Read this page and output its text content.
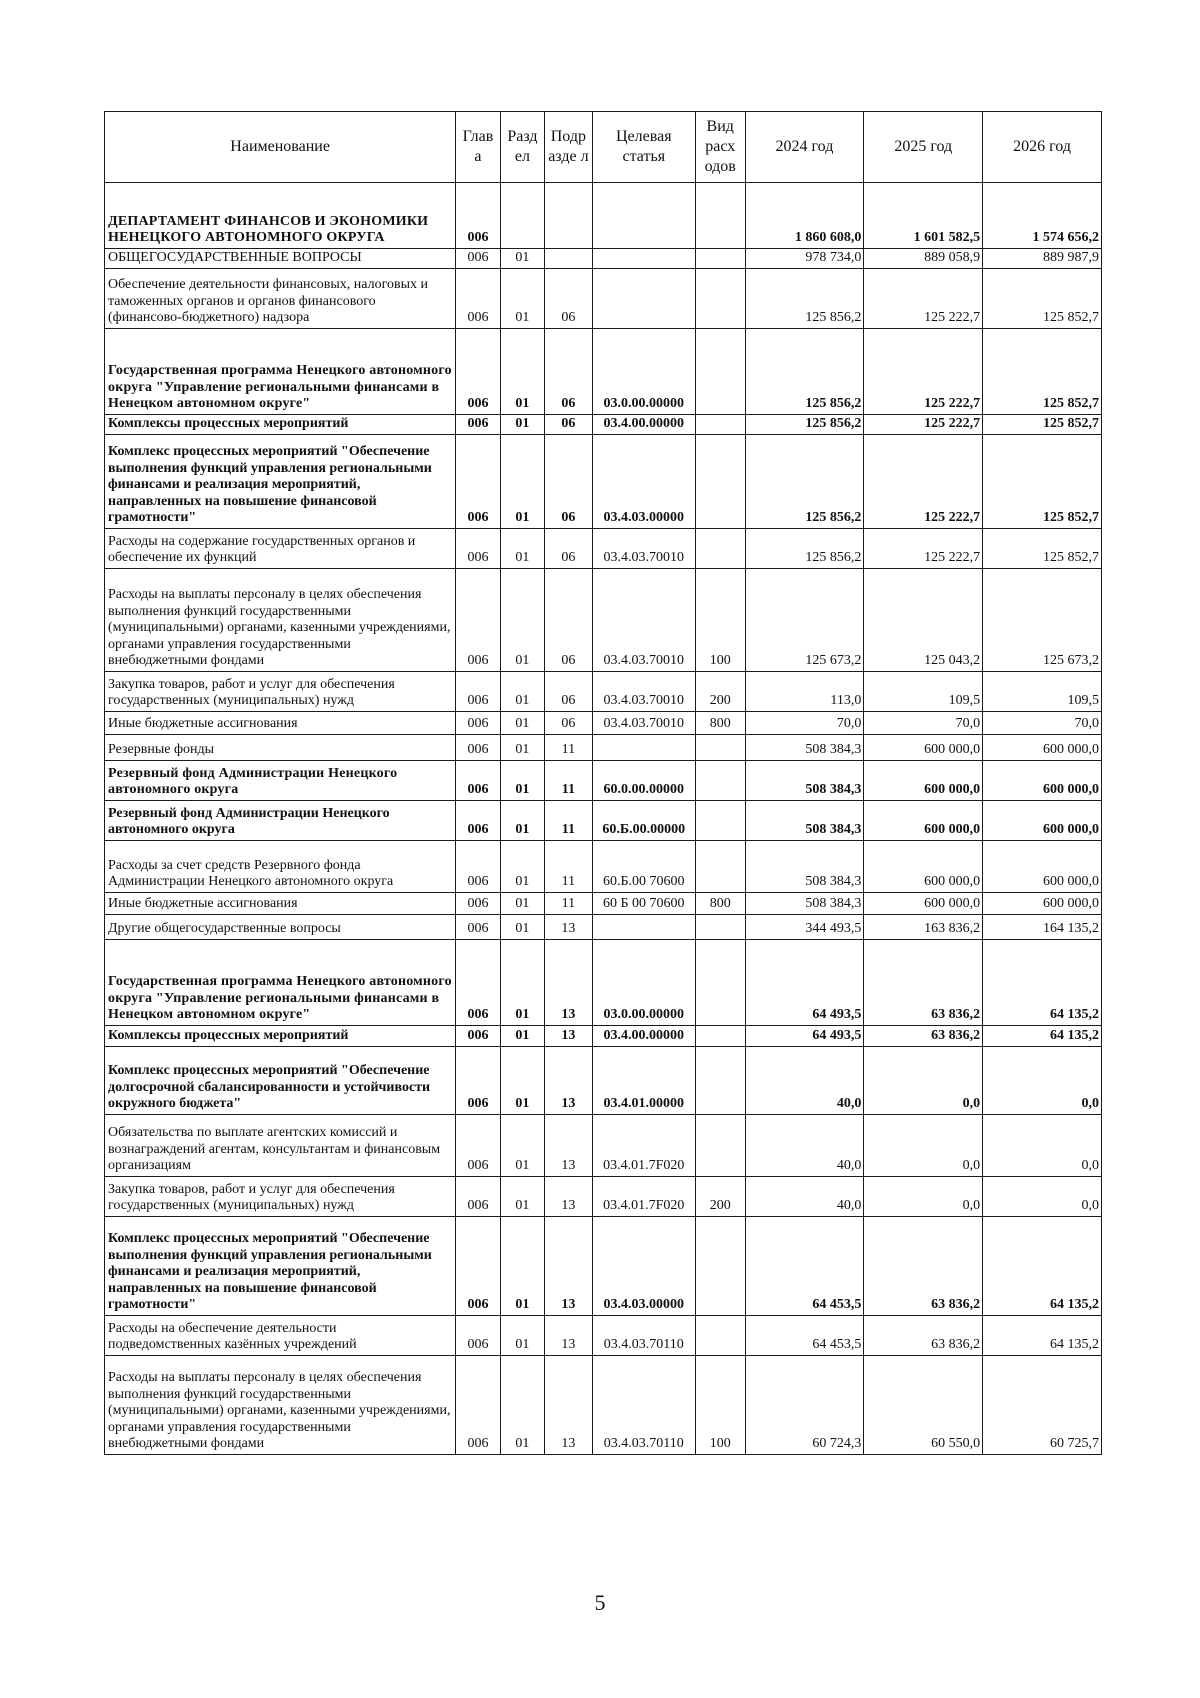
Наименование	Глав а	Разд ел	Подр азде л	Целевая статья	Вид расх одов	2024 год	2025 год	2026 год
ДЕПАРТАМЕНТ ФИНАНСОВ И ЭКОНОМИКИ НЕНЕЦКОГО АВТОНОМНОГО ОКРУГА	006					1 860 608,0	1 601 582,5	1 574 656,2
ОБЩЕГОСУДАРСТВЕННЫЕ ВОПРОСЫ	006	01				978 734,0	889 058,9	889 987,9
Обеспечение деятельности финансовых, налоговых и таможенных органов и органов финансового (финансово-бюджетного) надзора	006	01	06			125 856,2	125 222,7	125 852,7
Государственная программа Ненецкого автономного округа "Управление региональными финансами в Ненецком автономном округе"	006	01	06	03.0.00.00000		125 856,2	125 222,7	125 852,7
Комплексы процессных мероприятий	006	01	06	03.4.00.00000		125 856,2	125 222,7	125 852,7
Комплекс процессных мероприятий "Обеспечение выполнения функций управления региональными финансами и реализация мероприятий, направленных на повышение финансовой грамотности"	006	01	06	03.4.03.00000		125 856,2	125 222,7	125 852,7
Расходы на содержание государственных органов и обеспечение их функций	006	01	06	03.4.03.70010		125 856,2	125 222,7	125 852,7
Расходы на выплаты персоналу в целях обеспечения выполнения функций государственными (муниципальными) органами, казенными учреждениями, органами управления государственными внебюджетными фондами	006	01	06	03.4.03.70010	100	125 673,2	125 043,2	125 673,2
Закупка товаров, работ и услуг для обеспечения государственных (муниципальных) нужд	006	01	06	03.4.03.70010	200	113,0	109,5	109,5
Иные бюджетные ассигнования	006	01	06	03.4.03.70010	800	70,0	70,0	70,0
Резервные фонды	006	01	11			508 384,3	600 000,0	600 000,0
Резервный фонд Администрации Ненецкого автономного округа	006	01	11	60.0.00.00000		508 384,3	600 000,0	600 000,0
Резервный фонд Администрации Ненецкого автономного округа	006	01	11	60.Б.00.00000		508 384,3	600 000,0	600 000,0
Расходы за счет средств Резервного фонда Администрации Ненецкого автономного округа	006	01	11	60.Б.00 70600		508 384,3	600 000,0	600 000,0
Иные бюджетные ассигнования	006	01	11	60 Б 00 70600	800	508 384,3	600 000,0	600 000,0
Другие общегосударственные вопросы	006	01	13			344 493,5	163 836,2	164 135,2
Государственная программа Ненецкого автономного округа "Управление региональными финансами в Ненецком автономном округе"	006	01	13	03.0.00.00000		64 493,5	63 836,2	64 135,2
Комплексы процессных мероприятий	006	01	13	03.4.00.00000		64 493,5	63 836,2	64 135,2
Комплекс процессных мероприятий "Обеспечение долгосрочной сбалансированности и устойчивости окружного бюджета"	006	01	13	03.4.01.00000		40,0	0,0	0,0
Обязательства по выплате агентских комиссий и вознаграждений агентам, консультантам и финансовым организациям	006	01	13	03.4.01.7F020		40,0	0,0	0,0
Закупка товаров, работ и услуг для обеспечения государственных (муниципальных) нужд	006	01	13	03.4.01.7F020	200	40,0	0,0	0,0
Комплекс процессных мероприятий "Обеспечение выполнения функций управления региональными финансами и реализация мероприятий, направленных на повышение финансовой грамотности"	006	01	13	03.4.03.00000		64 453,5	63 836,2	64 135,2
Расходы на обеспечение деятельности подведомственных казённых учреждений	006	01	13	03.4.03.70110		64 453,5	63 836,2	64 135,2
Расходы на выплаты персоналу в целях обеспечения выполнения функций государственными (муниципальными) органами, казенными учреждениями, органами управления государственными внебюджетными фондами	006	01	13	03.4.03.70110	100	60 724,3	60 550,0	60 725,7
5
